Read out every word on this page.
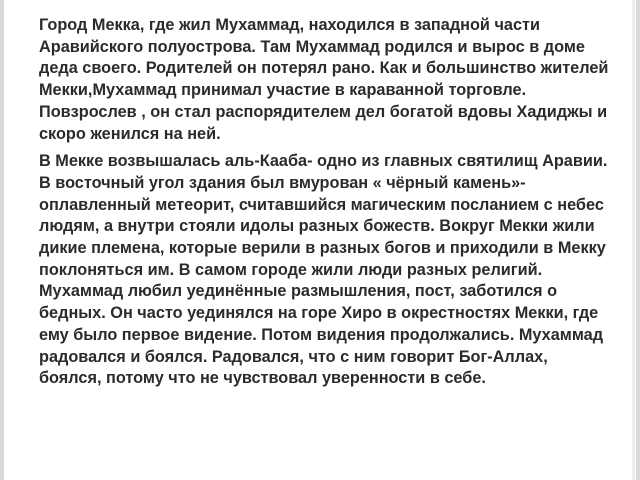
Город Мекка, где жил Мухаммад, находился в западной части Аравийского полуострова. Там Мухаммад родился и вырос в доме деда своего. Родителей он потерял рано. Как и большинство жителей Мекки,Мухаммад принимал участие в караванной торговле. Повзрослев , он стал распорядителем дел богатой вдовы Хадиджы и скоро женился на ней.

В Мекке возвышалась аль-Кааба- одно из главных святилищ Аравии. В восточный угол здания был вмурован « чёрный камень»- оплавленный метеорит, считавшийся магическим посланием с небес людям, а внутри стояли идолы разных божеств. Вокруг Мекки жили дикие племена, которые верили в разных богов и приходили в Мекку поклоняться им. В самом городе жили люди разных религий. Мухаммад любил уединённые размышления, пост, заботился о бедных. Он часто уединялся на горе Хиро в окрестностях Мекки, где ему было первое видение. Потом видения продолжались. Мухаммад радовался и боялся. Радовался, что с ним говорит Бог-Аллах, боялся, потому что не чувствовал уверенности в себе.
